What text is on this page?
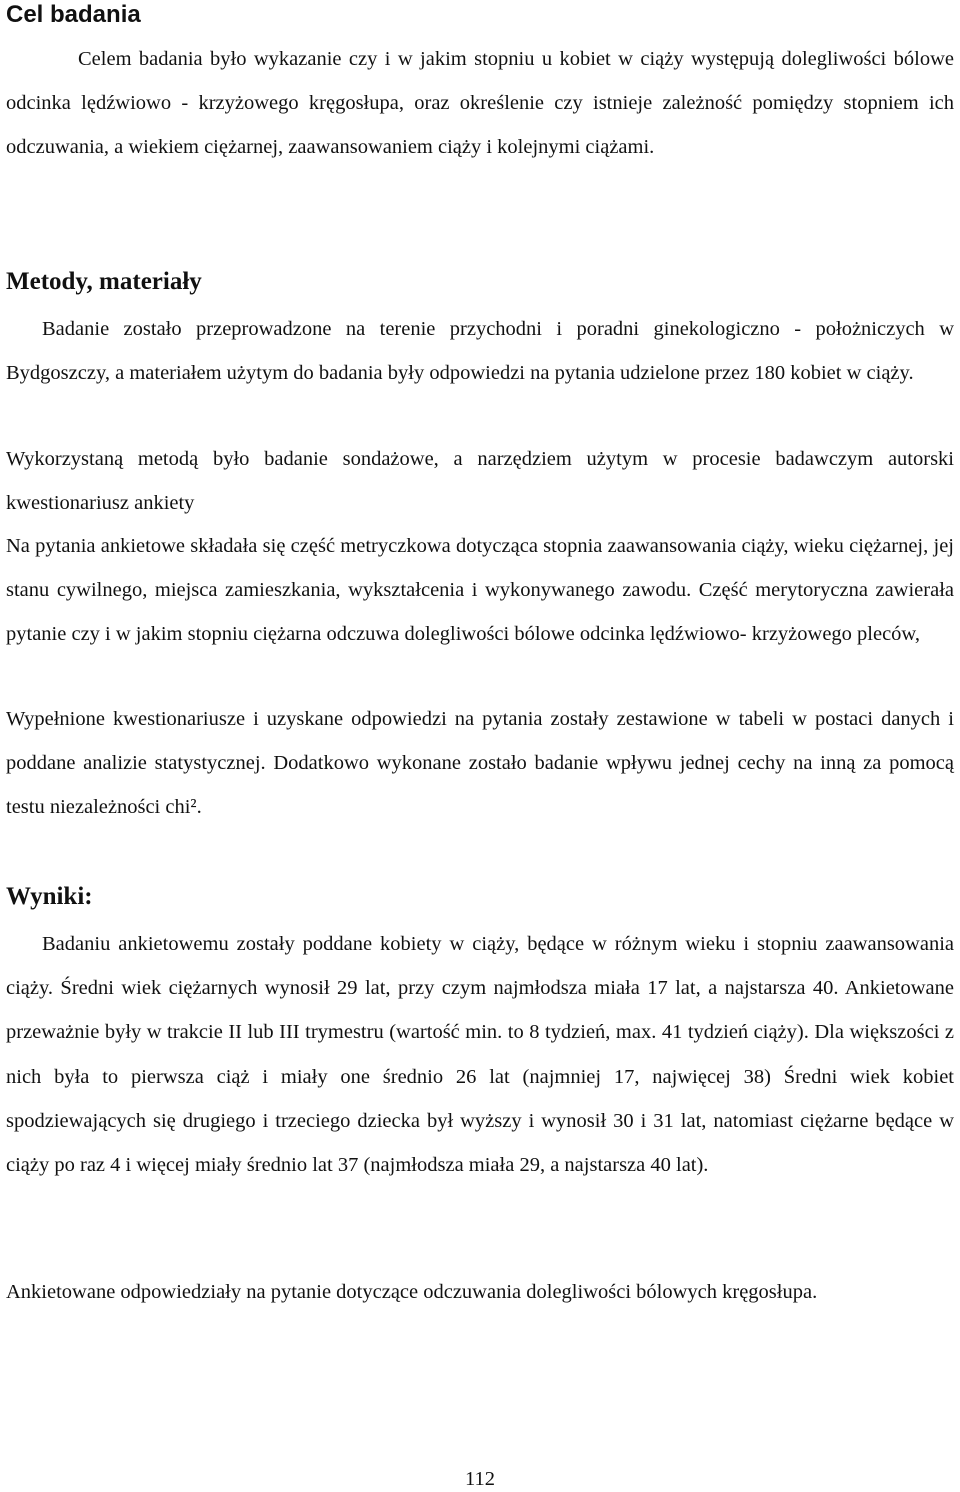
Cel badania

Celem badania było wykazanie czy i w jakim stopniu u kobiet w ciąży występują dolegliwości bólowe odcinka lędźwiowo - krzyżowego kręgosłupa, oraz określenie czy istnieje zależność pomiędzy stopniem ich odczuwania, a wiekiem ciężarnej, zaawansowaniem ciąży i kolejnymi ciążami.

Metody, materiały

Badanie zostało przeprowadzone na terenie przychodni i poradni ginekologiczno - położniczych w Bydgoszczy, a materiałem użytym do badania były odpowiedzi na pytania udzielone przez 180 kobiet w ciąży.

Wykorzystaną metodą było badanie sondażowe, a narzędziem użytym w procesie badawczym autorski kwestionariusz ankiety

Na pytania ankietowe składała się część metryczkowa dotycząca stopnia zaawansowania ciąży, wieku ciężarnej, jej stanu cywilnego, miejsca zamieszkania, wykształcenia i wykonywanego zawodu. Część merytoryczna zawierała pytanie czy i w jakim stopniu ciężarna odczuwa dolegliwości bólowe odcinka lędźwiowo- krzyżowego pleców,

Wypełnione kwestionariusze i uzyskane odpowiedzi na pytania zostały zestawione w tabeli w postaci danych i poddane analizie statystycznej. Dodatkowo wykonane zostało badanie wpływu jednej cechy na inną za pomocą testu niezależności chi².

Wyniki:

Badaniu ankietowemu zostały poddane kobiety w ciąży, będące w różnym wieku i stopniu zaawansowania ciąży. Średni wiek ciężarnych wynosił 29 lat, przy czym najmłodsza miała 17 lat, a najstarsza 40. Ankietowane przeważnie były w trakcie II lub III trymestru (wartość min. to 8 tydzień, max. 41 tydzień ciąży). Dla większości z nich była to pierwsza ciąż i miały one średnio 26 lat (najmniej 17, najwięcej 38) Średni wiek kobiet spodziewających się drugiego i trzeciego dziecka był wyższy i wynosił 30 i 31 lat, natomiast ciężarne będące w ciąży po raz 4 i więcej miały średnio lat 37 (najmłodsza miała 29, a najstarsza 40 lat).

Ankietowane odpowiedziały na pytanie dotyczące odczuwania dolegliwości bólowych kręgosłupa.

112
